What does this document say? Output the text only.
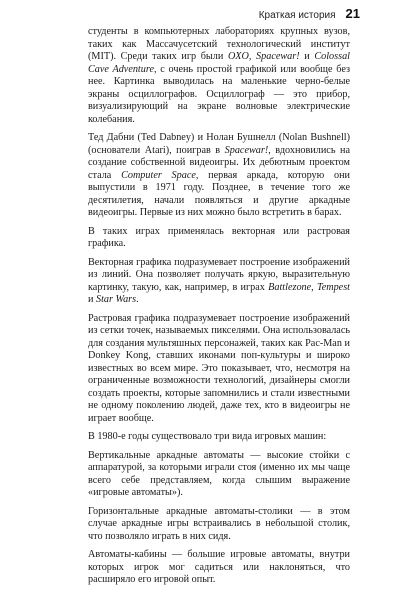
Краткая история 21

студенты в компьютерных лабораториях крупных вузов, таких как Массачусетский технологический институт (MIT). Среди таких игр были OXO, Spacewar! и Colossal Cave Adventure, с очень простой графикой или вообще без нее. Картинка выводилась на маленькие черно-белые экраны осциллографов. Осциллограф — это прибор, визуализирующий на экране волновые электрические колебания.

Тед Дабни (Ted Dabney) и Нолан Бушнелл (Nolan Bushnell) (основатели Atari), поиграв в Spacewar!, вдохновились на создание собственной видеоигры. Их дебютным проектом стала Computer Space, первая аркада, которую они выпустили в 1971 году. Позднее, в течение того же десятилетия, начали появляться и другие аркадные видеоигры. Первые из них можно было встретить в барах.

В таких играх применялась векторная или растровая графика.

Векторная графика подразумевает построение изображений из линий. Она позволяет получать яркую, выразительную картинку, такую, как, например, в играх Battlezone, Tempest и Star Wars.

Растровая графика подразумевает построение изображений из сетки точек, называемых пикселями. Она использовалась для создания мультяшных персонажей, таких как Pac-Man и Donkey Kong, ставших иконами поп-культуры и широко известных во всем мире. Это показывает, что, несмотря на ограниченные возможности технологий, дизайнеры смогли создать проекты, которые запомнились и стали известными не одному поколению людей, даже тех, кто в видеоигры не играет вообще.

В 1980-е годы существовало три вида игровых машин:

Вертикальные аркадные автоматы — высокие стойки с аппаратурой, за которыми играли стоя (именно их мы чаще всего себе представляем, когда слышим выражение «игровые автоматы»).

Горизонтальные аркадные автоматы-столики — в этом случае аркадные игры встраивались в небольшой столик, что позволяло играть в них сидя.

Автоматы-кабины — большие игровые автоматы, внутри которых игрок мог садиться или наклоняться, что расширяло его игровой опыт.
